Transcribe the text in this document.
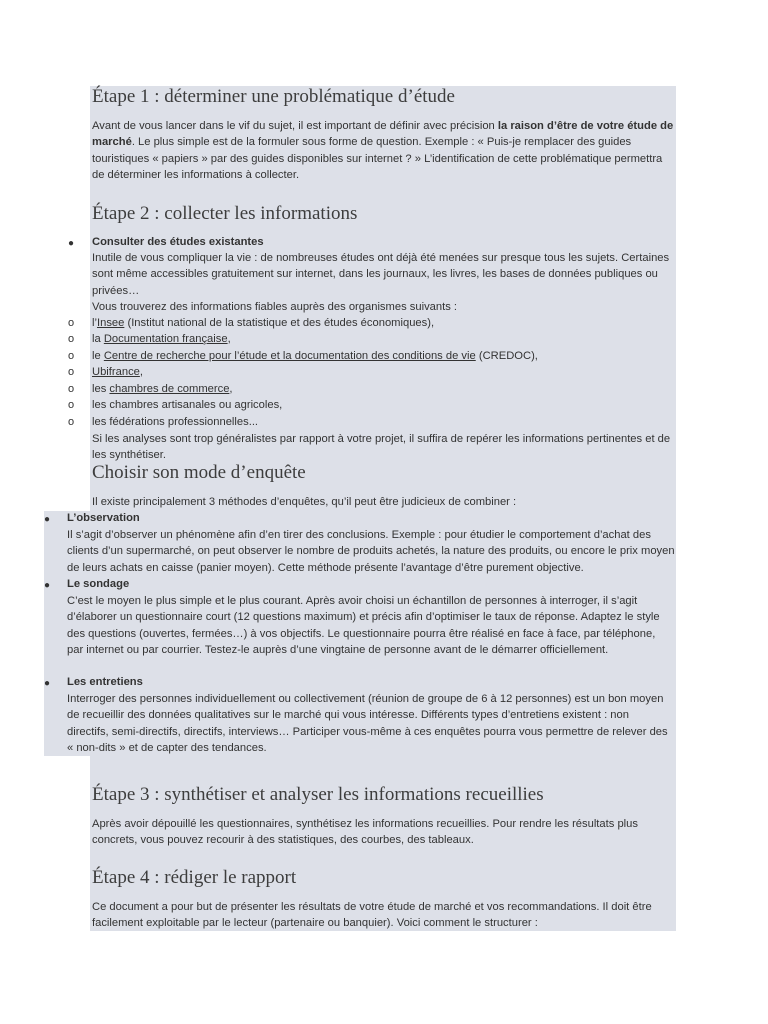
Étape 1 : déterminer une problématique d’étude

Avant de vous lancer dans le vif du sujet, il est important de définir avec précision la raison d’être de votre étude de marché. Le plus simple est de la formuler sous forme de question. Exemple : « Puis-je remplacer des guides touristiques « papiers » par des guides disponibles sur internet ? » L’identification de cette problématique permettra de déterminer les informations à collecter.

Étape 2 : collecter les informations
● Consulter des études existantes

Inutile de vous compliquer la vie : de nombreuses études ont déjà été menées sur presque tous les sujets. Certaines sont même accessibles gratuitement sur internet, dans les journaux, les livres, les bases de données publiques ou privées…

Vous trouverez des informations fiables auprès des organismes suivants :
o l’Insee (Institut national de la statistique et des études économiques),
o la Documentation française,
o le Centre de recherche pour l’étude et la documentation des conditions de vie (CREDOC),
o Ubifrance,
o les chambres de commerce,
o les chambres artisanales ou agricoles,
o les fédérations professionnelles...

Si les analyses sont trop généralistes par rapport à votre projet, il suffira de repérer les informations pertinentes et de les synthétiser.

Choisir son mode d’enquête
Il existe principalement 3 méthodes d’enquêtes, qu’il peut être judicieux de combiner :
● L’observation

Il s’agit d’observer un phénomène afin d’en tirer des conclusions. Exemple : pour étudier le comportement d’achat des clients d’un supermarché, on peut observer le nombre de produits achetés, la nature des produits, ou encore le prix moyen de leurs achats en caisse (panier moyen). Cette méthode présente l’avantage d’être purement objective.

● Le sondage

C’est le moyen le plus simple et le plus courant. Après avoir choisi un échantillon de personnes à interroger, il s’agit d’élaborer un questionnaire court (12 questions maximum) et précis afin d’optimiser le taux de réponse. Adaptez le style des questions (ouvertes, fermées…) à vos objectifs. Le questionnaire pourra être réalisé en face à face, par téléphone, par internet ou par courrier. Testez-le auprès d’une vingtaine de personne avant de le démarrer officiellement.

● Les entretiens

Interroger des personnes individuellement ou collectivement (réunion de groupe de 6 à 12 personnes) est un bon moyen de recueillir des données qualitatives sur le marché qui vous intéresse. Différents types d’entretiens existent : non directifs, semi-directifs, directifs, interviews… Participer vous-même à ces enquêtes pourra vous permettre de relever des « non-dits » et de capter des tendances.

Étape 3 : synthétiser et analyser les informations recueillies

Après avoir dépouillé les questionnaires, synthétisez les informations recueillies. Pour rendre les résultats plus concrets, vous pouvez recourir à des statistiques, des courbes, des tableaux.

Étape 4 : rédiger le rapport

Ce document a pour but de présenter les résultats de votre étude de marché et vos recommandations. Il doit être facilement exploitable par le lecteur (partenaire ou banquier). Voici comment le structurer :
